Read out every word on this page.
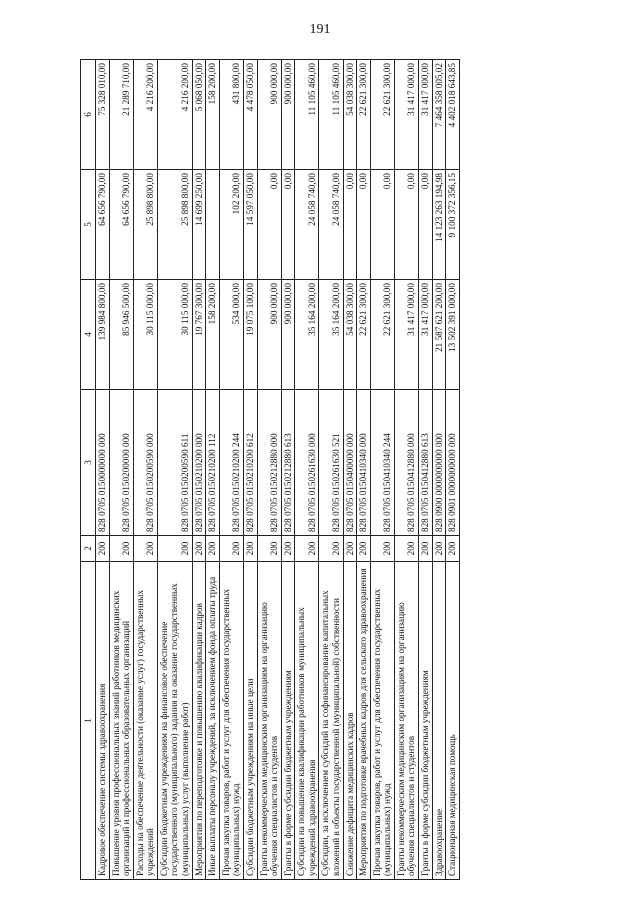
191
1	2	3	4	5	6
Кадровое обеспечение системы здравоохранения	200	828 0705 0150000000 000	139 984 800,00	64 656 790,00	75 328 010,00
Повышение уровня профессиональных знаний работников медицинских организаций и профессиональных образовательных организаций	200	828 0705 0150200000 000	85 946 500,00	64 656 790,00	21 289 710,00
Расходы на обеспечение деятельности (оказание услуг) государственных учреждений	200	828 0705 0150200590 000	30 115 000,00	25 898 800,00	4 216 200,00
Субсидии бюджетным учреждениям на финансовое обеспечение государственного (муниципального) задания на оказание государственных (муниципальных) услуг (выполнение работ)	200	828 0705 0150200590 611	30 115 000,00	25 898 800,00	4 216 200,00
Мероприятия по переподготовке и повышению квалификации кадров	200	828 0705 0150210200 000	19 767 300,00	14 699 250,00	5 068 050,00
Иные выплаты персоналу учреждений, за исключением фонда оплаты труда	200	828 0705 0150210200 112	158 200,00		158 200,00
Прочая закупка товаров, работ и услуг для обеспечения государственных (муниципальных) нужд	200	828 0705 0150210200 244	534 000,00	102 200,00	431 800,00
Субсидии бюджетным учреждениям на иные цели	200	828 0705 0150210200 612	19 075 100,00	14 597 050,00	4 478 050,00
Гранты некоммерческим медицинским организациям на организацию обучения специалистов и студентов	200	828 0705 0150212880 000	900 000,00	0,00	900 000,00
Гранты в форме субсидии бюджетным учреждениям	200	828 0705 0150212880 613	900 000,00	0,00	900 000,00
Субсидии на повышение квалификации работников муниципальных учреждений здравоохранения	200	828 0705 0150261630 000	35 164 200,00	24 058 740,00	11 105 460,00
Субсидии, за исключением субсидий на софинансирование капитальных вложений в объекты государственной (муниципальной) собственности	200	828 0705 0150261630 521	35 164 200,00	24 058 740,00	11 105 460,00
Снижение дефицита медицинских кадров	200	828 0705 0150400000 000	54 038 300,00	0,00	54 038 300,00
Мероприятия по подготовке врачебных кадров для сельского здравоохранения	200	828 0705 0150410340 000	22 621 300,00	0,00	22 621 300,00
Прочая закупка товаров, работ и услуг для обеспечения государственных (муниципальных) нужд	200	828 0705 0150410340 244	22 621 300,00	0,00	22 621 300,00
Гранты некоммерческим медицинским организациям на организацию обучения специалистов и студентов	200	828 0705 0150412880 000	31 417 000,00	0,00	31 417 000,00
Гранты в форме субсидии бюджетным учреждениям	200	828 0705 0150412880 613	31 417 000,00	0,00	31 417 000,00
Здравоохранение	200	828 0900 0000000000 000	21 587 621 200,00	14 123 263 194,98	7 464 358 005,02
Стационарная медицинская помощь	200	828 0901 0000000000 000	13 502 391 000,00	9 100 372 356,15	4 402 018 643,85
